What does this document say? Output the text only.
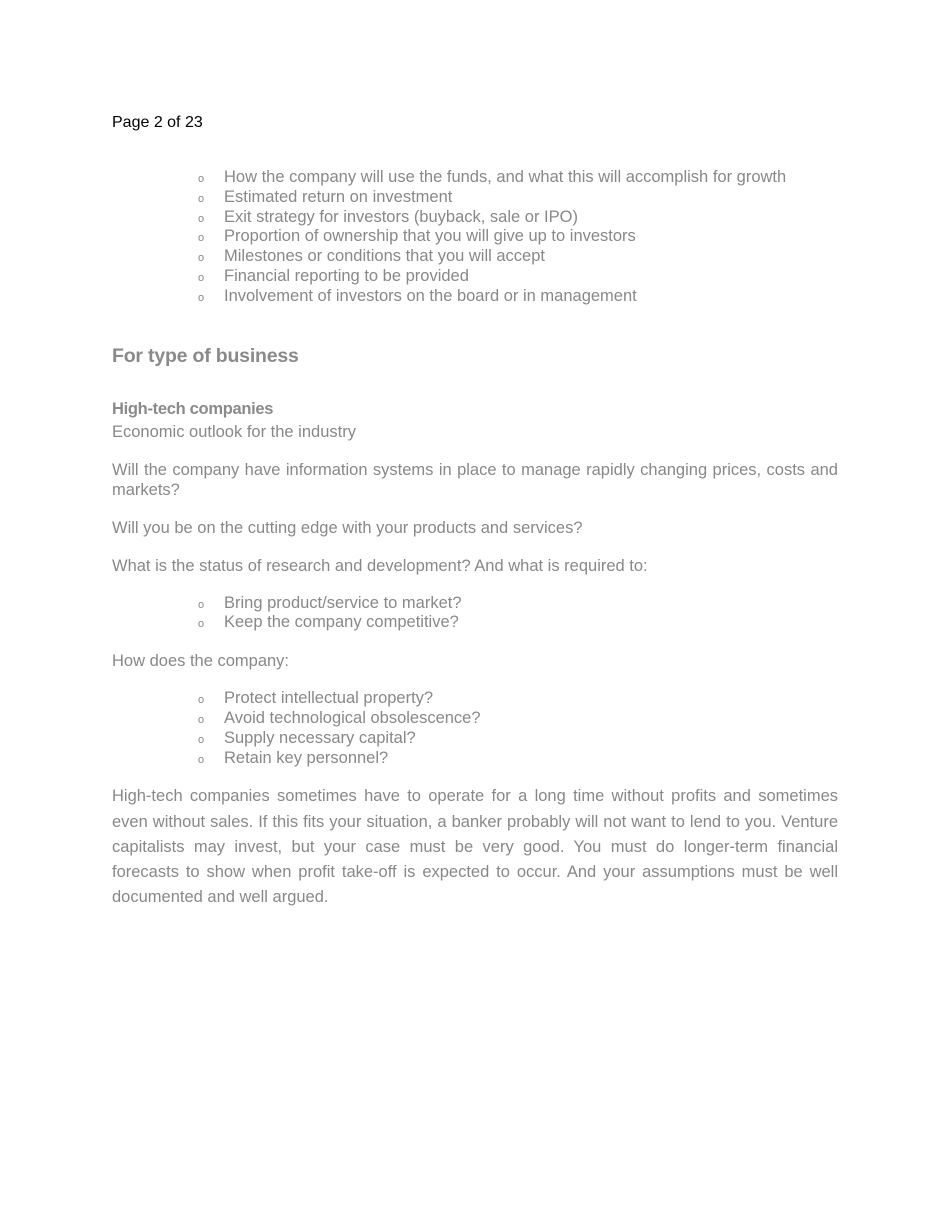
Page 2 of 23

o How the company will use the funds, and what this will accomplish for growth
o Estimated return on investment
o Exit strategy for investors (buyback, sale or IPO)
o Proportion of ownership that you will give up to investors
o Milestones or conditions that you will accept
o Financial reporting to be provided
o Involvement of investors on the board or in management
For type of business
High-tech companies

Economic outlook for the industry

Will the company have information systems in place to manage rapidly changing prices, costs and markets?

Will you be on the cutting edge with your products and services?

What is the status of research and development? And what is required to:

o Bring product/service to market?
o Keep the company competitive?

How does the company:

o Protect intellectual property?
o Avoid technological obsolescence?
o Supply necessary capital?
o Retain key personnel?

High-tech companies sometimes have to operate for a long time without profits and sometimes even without sales. If this fits your situation, a banker probably will not want to lend to you. Venture capitalists may invest, but your case must be very good. You must do longer-term financial forecasts to show when profit take-off is expected to occur. And your assumptions must be well documented and well argued.
